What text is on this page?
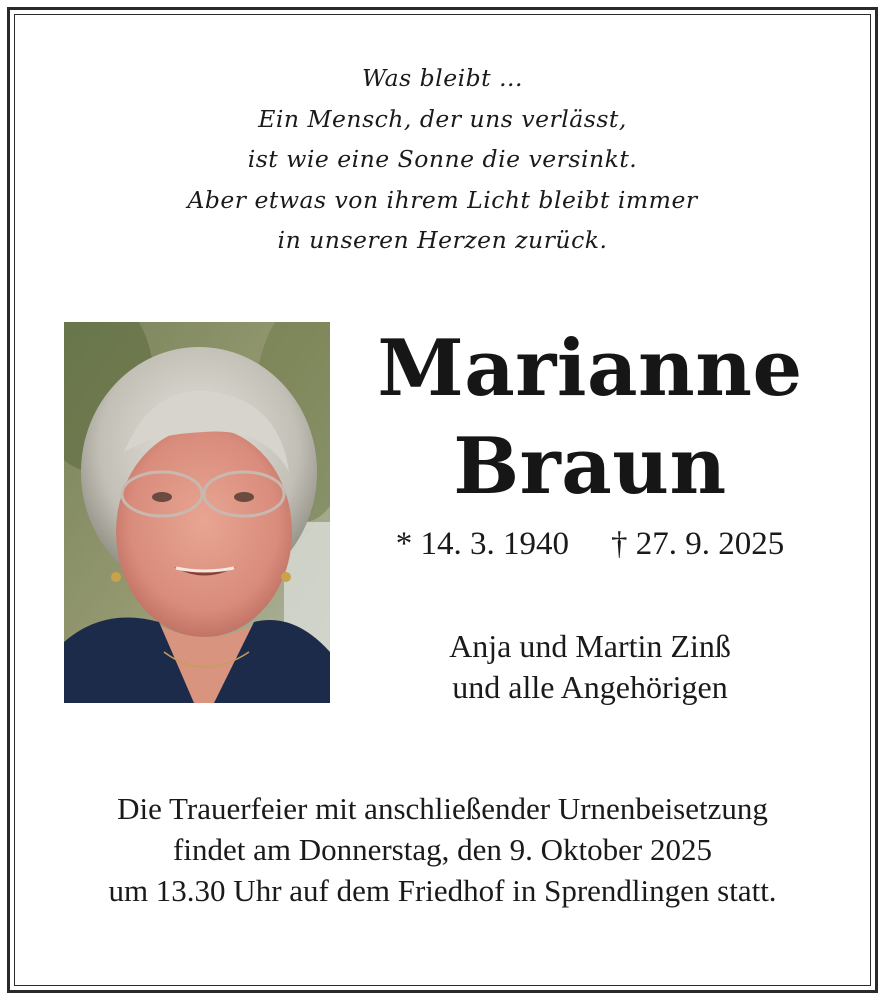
Was bleibt ...
Ein Mensch, der uns verlässt,
ist wie eine Sonne die versinkt.
Aber etwas von ihrem Licht bleibt immer
in unseren Herzen zurück.
Marianne
Braun
* 14. 3. 1940 † 27. 9. 2025
Anja und Martin Zinß
und alle Angehörigen
Die Trauerfeier mit anschließender Urnenbeisetzung
findet am Donnerstag, den 9. Oktober 2025
um 13.30 Uhr auf dem Friedhof in Sprendlingen statt.
